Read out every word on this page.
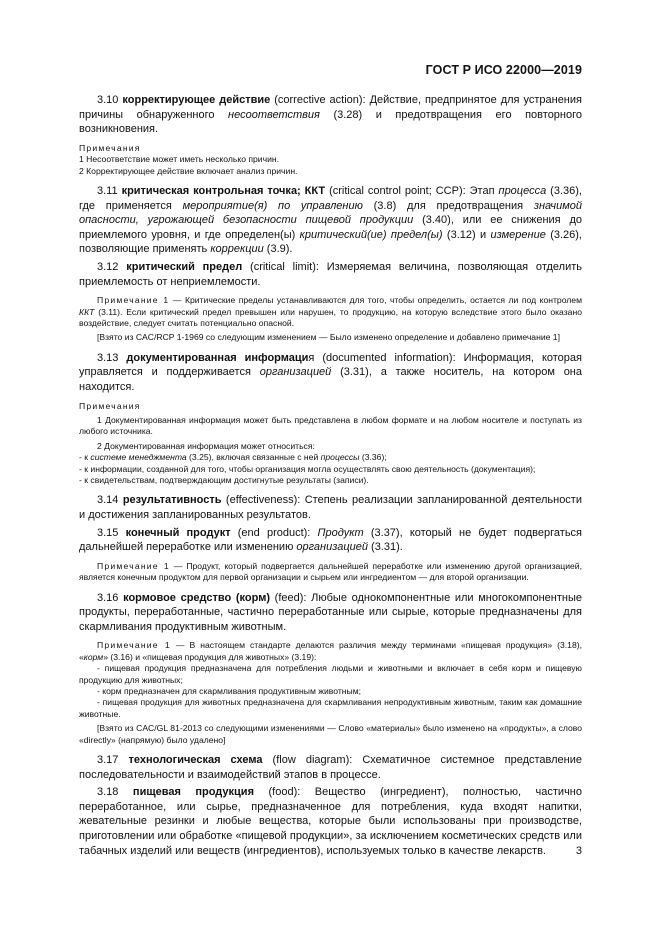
ГОСТ Р ИСО 22000—2019

3.10 корректирующее действие (corrective action): Действие, предпринятое для устранения причины обнаруженного несоответствия (3.28) и предотвращения его повторного возникновения.

Примечания

1 Несоответствие может иметь несколько причин.

2 Корректирующее действие включает анализ причин.

3.11 критическая контрольная точка; ККТ (critical control point; CCP): Этап процесса (3.36), где применяется мероприятие(я) по управлению (3.8) для предотвращения значимой опасности, угрожающей безопасности пищевой продукции (3.40), или ее снижения до приемлемого уровня, и где определен(ы) критический(ие) предел(ы) (3.12) и измерение (3.26), позволяющие применять коррекции (3.9).

3.12 критический предел (critical limit): Измеряемая величина, позволяющая отделить приемлемость от неприемлемости.

Примечание 1 — Критические пределы устанавливаются для того, чтобы определить, остается ли под контролем ККТ (3.11). Если критический предел превышен или нарушен, то продукцию, на которую вследствие этого было оказано воздействие, следует считать потенциально опасной.

[Взято из CAC/RCP 1-1969 со следующим изменением — Было изменено определение и добавлено примечание 1]

3.13 документированная информация (documented information): Информация, которая управляется и поддерживается организацией (3.31), а также носитель, на котором она находится.

Примечания

1 Документированная информация может быть представлена в любом формате и на любом носителе и поступать из любого источника.

2 Документированная информация может относиться:

- к системе менеджмента (3.25), включая связанные с ней процессы (3.36);

- к информации, созданной для того, чтобы организация могла осуществлять свою деятельность (документация);

- к свидетельствам, подтверждающим достигнутые результаты (записи).

3.14 результативность (effectiveness): Степень реализации запланированной деятельности и достижения запланированных результатов.

3.15 конечный продукт (end product): Продукт (3.37), который не будет подвергаться дальнейшей переработке или изменению организацией (3.31).

Примечание 1 — Продукт, который подвергается дальнейшей переработке или изменению другой организацией, является конечным продуктом для первой организации и сырьем или ингредиентом — для второй организации.

3.16 кормовое средство (корм) (feed): Любые однокомпонентные или многокомпонентные продукты, переработанные, частично переработанные или сырые, которые предназначены для скармливания продуктивным животным.

Примечание 1 — В настоящем стандарте делаются различия между терминами «пищевая продукция» (3.18), «корм» (3.16) и «пищевая продукция для животных» (3.19):

- пищевая продукция предназначена для потребления людьми и животными и включает в себя корм и пищевую продукцию для животных;

- корм предназначен для скармливания продуктивным животным;

- пищевая продукция для животных предназначена для скармливания непродуктивным животным, таким как домашние животные.

[Взято из CAC/GL 81-2013 со следующими изменениями — Слово «материалы» было изменено на «продукты», а слово «directly» (напрямую) было удалено]

3.17 технологическая схема (flow diagram): Схематичное системное представление последовательности и взаимодействий этапов в процессе.

3.18 пищевая продукция (food): Вещество (ингредиент), полностью, частично переработанное, или сырье, предназначенное для потребления, куда входят напитки, жевательные резинки и любые вещества, которые были использованы при производстве, приготовлении или обработке «пищевой продукции», за исключением косметических средств или табачных изделий или веществ (ингредиентов), используемых только в качестве лекарств.	3
